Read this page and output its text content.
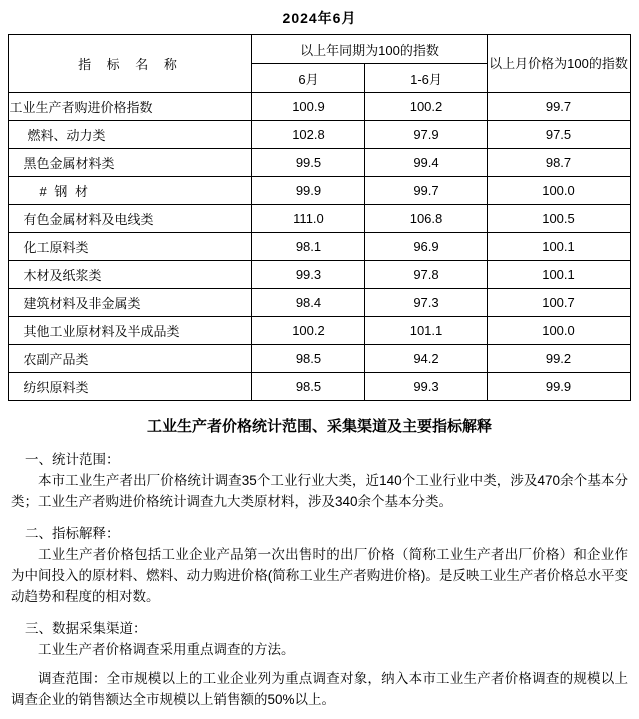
2024年6月
指 标 名 称	以上年同期为100的指数		以上月价格为100的指数
	6月	1-6月	
工业生产者购进价格指数	100.9	100.2	99.7
燃料、动力类	102.8	97.9	97.5
黑色金属材料类	99.5	99.4	98.7
# 钢 材	99.9	99.7	100.0
有色金属材料及电线类	111.0	106.8	100.5
化工原料类	98.1	96.9	100.1
木材及纸浆类	99.3	97.8	100.1
建筑材料及非金属类	98.4	97.3	100.7
其他工业原材料及半成品类	100.2	101.1	100.0
农副产品类	98.5	94.2	99.2
纺织原料类	98.5	99.3	99.9
工业生产者价格统计范围、采集渠道及主要指标解释
一、统计范围：
本市工业生产者出厂价格统计调查35个工业行业大类，近140个工业行业中类，涉及470余个基本分类；工业生产者购进价格统计调查九大类原材料，涉及340余个基本分类。
二、指标解释：
工业生产者价格包括工业企业产品第一次出售时的出厂价格（简称工业生产者出厂价格）和企业作为中间投入的原材料、燃料、动力购进价格(简称工业生产者购进价格)。是反映工业生产者价格总水平变动趋势和程度的相对数。
三、数据采集渠道：
工业生产者价格调查采用重点调查的方法。
调查范围：全市规模以上的工业企业列为重点调查对象，纳入本市工业生产者价格调查的规模以上调查企业的销售额达全市规模以上销售额的50%以上。
